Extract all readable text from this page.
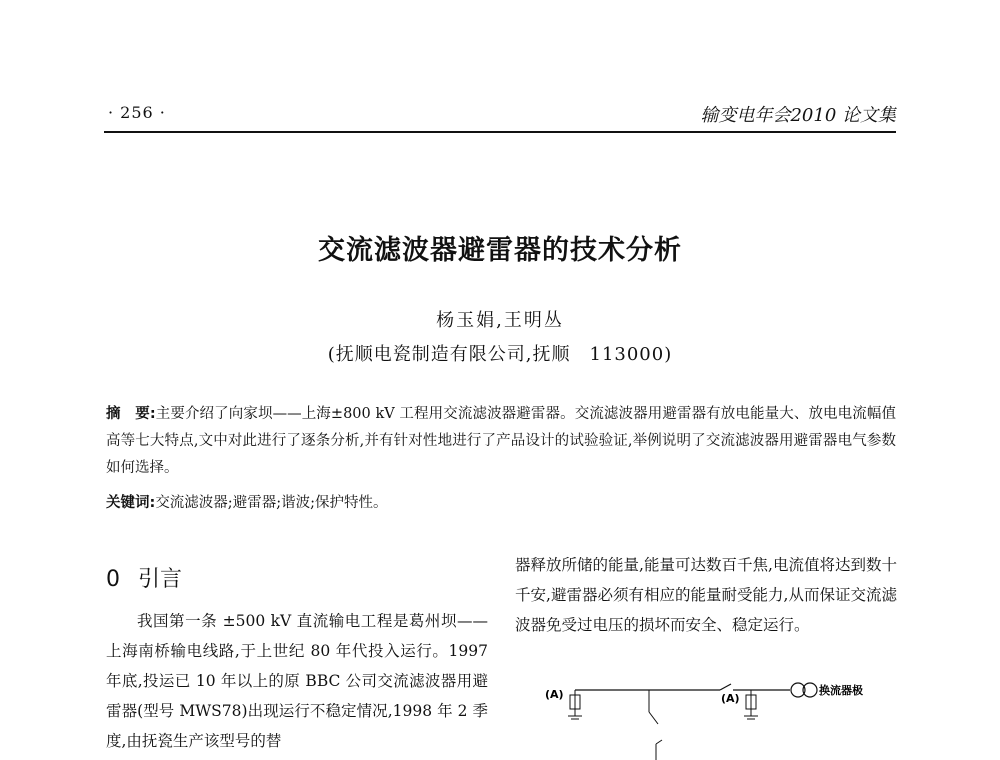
· 256 ·	输变电年会2010 论文集
交流滤波器避雷器的技术分析
杨玉娟,王明丛
(抚顺电瓷制造有限公司,抚顺　113000)
摘　要:主要介绍了向家坝——上海±800 kV 工程用交流滤波器避雷器。交流滤波器用避雷器有放电能量大、放电电流幅值高等七大特点,文中对此进行了逐条分析,并有针对性地进行了产品设计的试验验证,举例说明了交流滤波器用避雷器电气参数如何选择。
关键词:交流滤波器;避雷器;谐波;保护特性。
0 引言
我国第一条 ±500 kV 直流输电工程是葛州坝——上海南桥输电线路,于上世纪 80 年代投入运行。1997 年底,投运已 10 年以上的原 BBC 公司交流滤波器用避雷器(型号 MWS78)出现运行不稳定情况,1998 年 2 季度,由抚瓷生产该型号的替
器释放所储的能量,能量可达数百千焦,电流值将达到数十千安,避雷器必须有相应的能量耐受能力,从而保证交流滤波器免受过电压的损坏而安全、稳定运行。
(A)	(A)
换流器极
